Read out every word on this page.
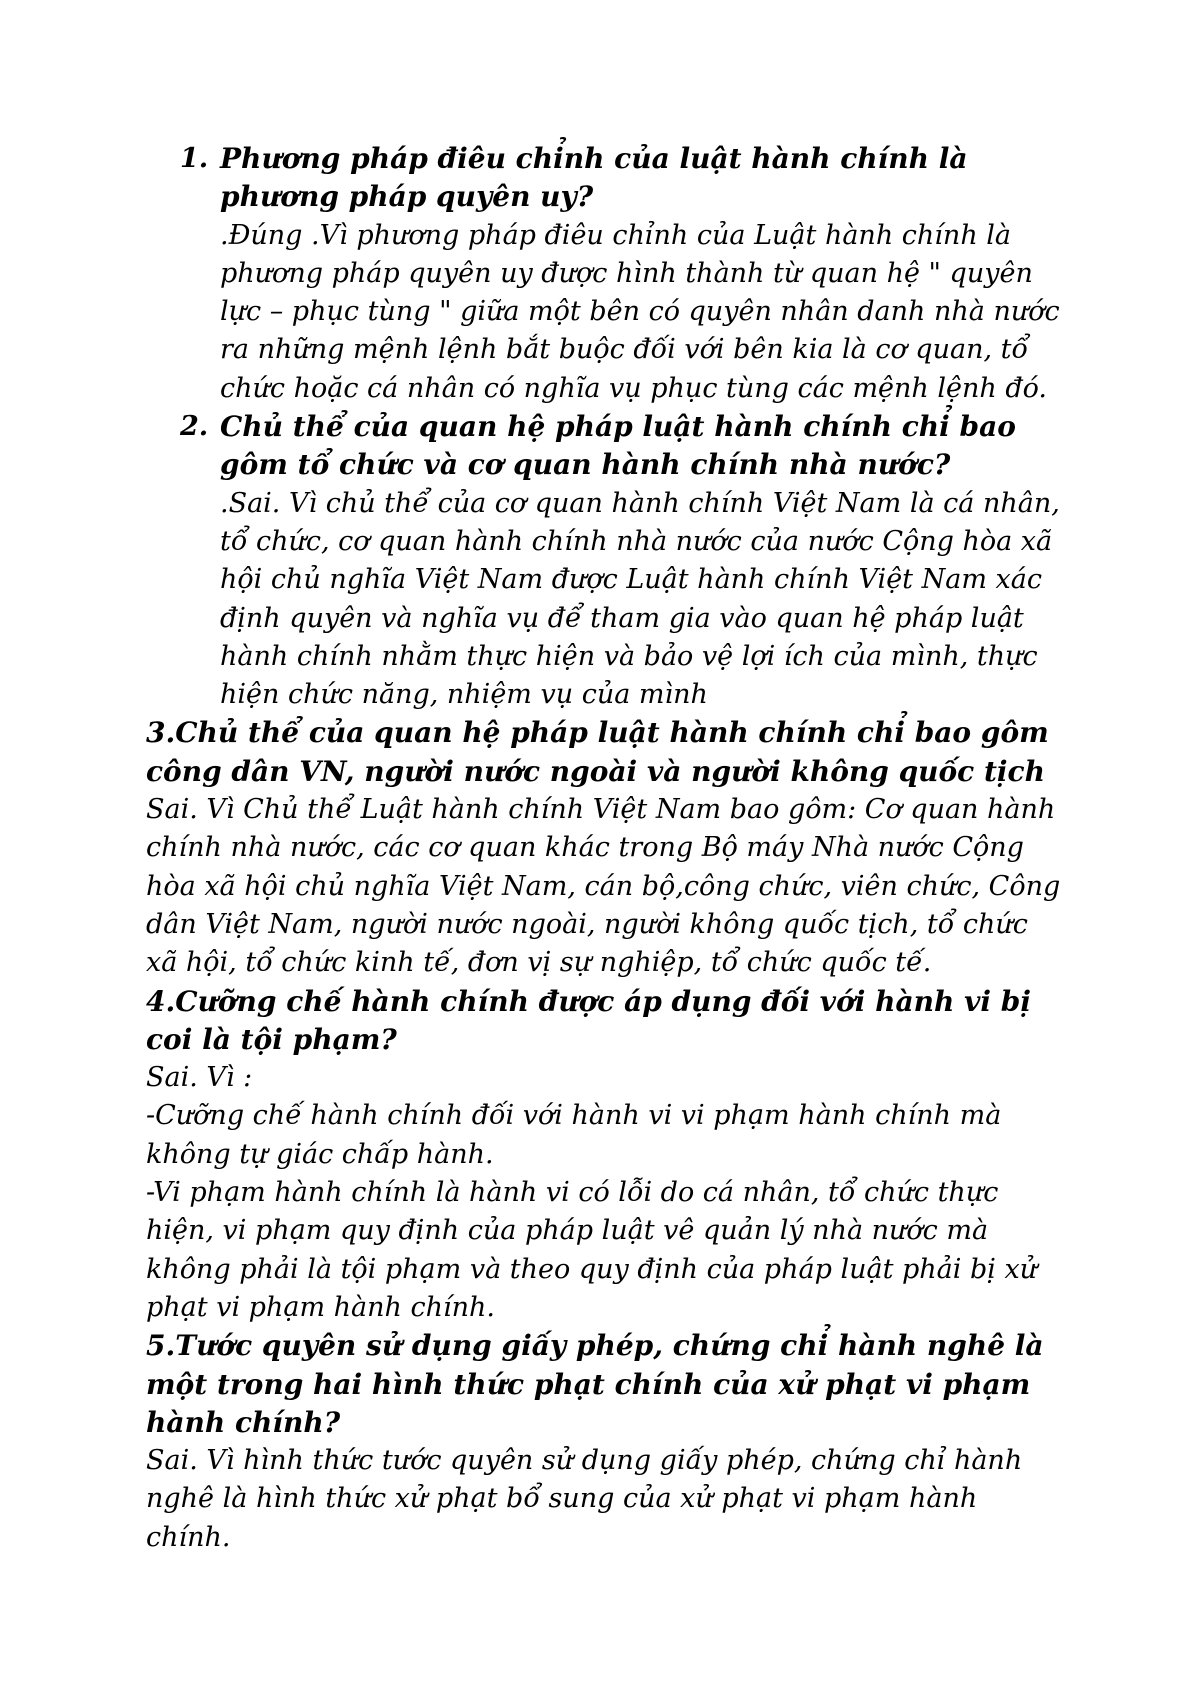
1. Phương pháp điêu chỉnh của luật hành chính là phương pháp quyên uy?

.Đúng .Vì phương pháp điêu chỉnh của Luật hành chính là phương pháp quyên uy được hình thành từ quan hệ " quyên lực – phục tùng " giữa một bên có quyên nhân danh nhà nước ra những mệnh lệnh bắt buộc đối với bên kia là cơ quan, tổ chức hoặc cá nhân có nghĩa vụ phục tùng các mệnh lệnh đó.

2. Chủ thể của quan hệ pháp luật hành chính chỉ bao gôm tổ chức và cơ quan hành chính nhà nước?

.Sai. Vì chủ thể của cơ quan hành chính Việt Nam là cá nhân, tổ chức, cơ quan hành chính nhà nước của nước Cộng hòa xã hội chủ nghĩa Việt Nam được Luật hành chính Việt Nam xác định quyên và nghĩa vụ để tham gia vào quan hệ pháp luật hành chính nhằm thực hiện và bảo vệ lợi ích của mình, thực hiện chức năng, nhiệm vụ của mình

3.Chủ thể của quan hệ pháp luật hành chính chỉ bao gôm công dân VN, người nước ngoài và người không quốc tịch

Sai. Vì Chủ thể Luật hành chính Việt Nam bao gôm: Cơ quan hành chính nhà nước, các cơ quan khác trong Bộ máy Nhà nước Cộng hòa xã hội chủ nghĩa Việt Nam, cán bộ,công chức, viên chức, Công dân Việt Nam, người nước ngoài, người không quốc tịch, tổ chức xã hội, tổ chức kinh tế, đơn vị sự nghiệp, tổ chức quốc tế.

4.Cưỡng chế hành chính được áp dụng đối với hành vi bị coi là tội phạm?

Sai. Vì :

-Cưỡng chế hành chính đối với hành vi vi phạm hành chính mà không tự giác chấp hành.

-Vi phạm hành chính là hành vi có lỗi do cá nhân, tổ chức thực hiện, vi phạm quy định của pháp luật vê quản lý nhà nước mà không phải là tội phạm và theo quy định của pháp luật phải bị xử phạt vi phạm hành chính.

5.Tước quyên sử dụng giấy phép, chứng chỉ hành nghê là một trong hai hình thức phạt chính của xử phạt vi phạm hành chính?

Sai. Vì hình thức tước quyên sử dụng giấy phép, chứng chỉ hành nghê là hình thức xử phạt bổ sung của xử phạt vi phạm hành chính.
